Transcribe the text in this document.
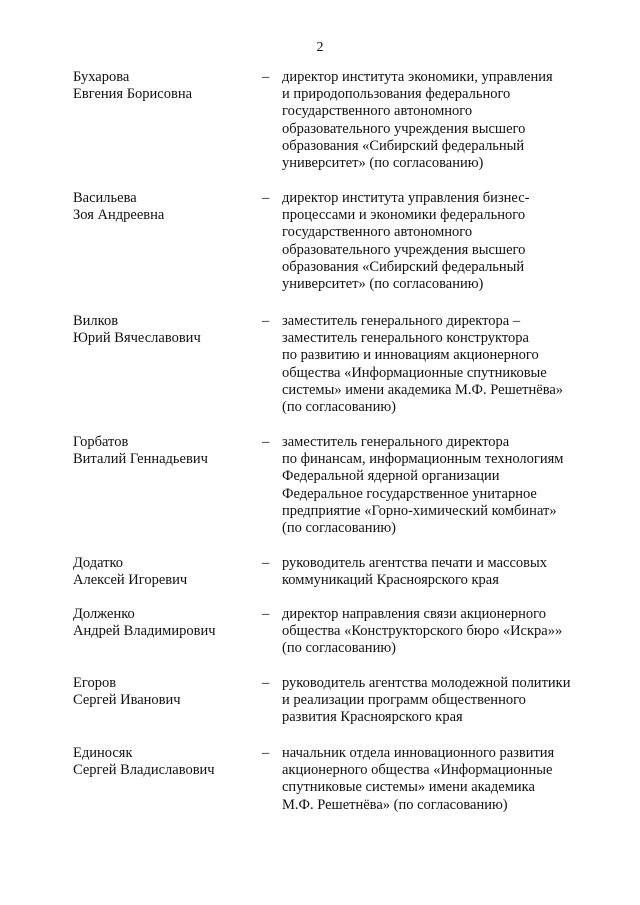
2
Бухарова
Евгения Борисовна
– директор института экономики, управления
и природопользования федерального
государственного автономного
образовательного учреждения высшего
образования «Сибирский федеральный
университет» (по согласованию)
Васильева
Зоя Андреевна
– директор института управления бизнес-
процессами и экономики федерального
государственного автономного
образовательного учреждения высшего
образования «Сибирский федеральный
университет» (по согласованию)
Вилков
Юрий Вячеславович
– заместитель генерального директора –
заместитель генерального конструктора
по развитию и инновациям акционерного
общества «Информационные спутниковые
системы» имени академика М.Ф. Решетнёва»
(по согласованию)
Горбатов
Виталий Геннадьевич
– заместитель генерального директора
по финансам, информационным технологиям
Федеральной ядерной организации
Федеральное государственное унитарное
предприятие «Горно-химический комбинат»
(по согласованию)
Додатко
Алексей Игоревич
– руководитель агентства печати и массовых
коммуникаций Красноярского края
Долженко
Андрей Владимирович
– директор направления связи акционерного
общества «Конструкторского бюро «Искра»»
(по согласованию)
Егоров
Сергей Иванович
– руководитель агентства молодежной политики
и реализации программ общественного
развития Красноярского края
Единосяк
Сергей Владиславович
– начальник отдела инновационного развития
акционерного общества «Информационные
спутниковые системы» имени академика
М.Ф. Решетнёва» (по согласованию)
